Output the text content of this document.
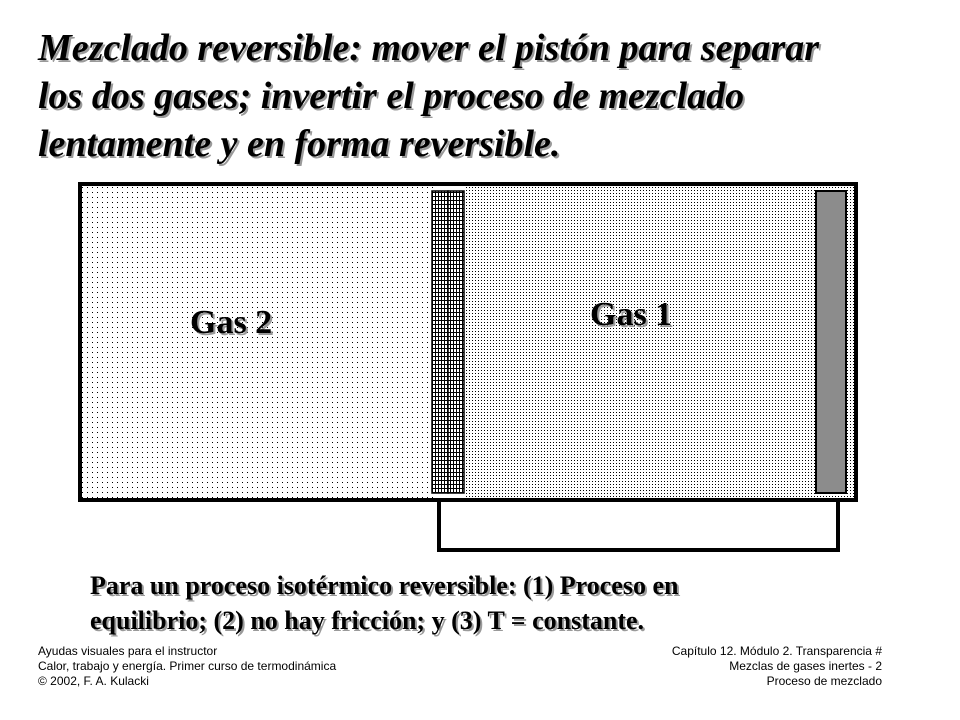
Mezclado reversible: mover el pistón para separar
los dos gases; invertir el proceso de mezclado
lentamente y en forma reversible.
Gas 2	Gas 1
Para un proceso isotérmico reversible: (1) Proceso en
equilibrio; (2) no hay fricción; y (3) T = constante.
Ayudas visuales para el instructor
Calor, trabajo y energía. Primer curso de termodinámica
© 2002, F. A. Kulacki
Capítulo 12. Módulo 2. Transparencia #
Mezclas de gases inertes - 2
Proceso de mezclado
